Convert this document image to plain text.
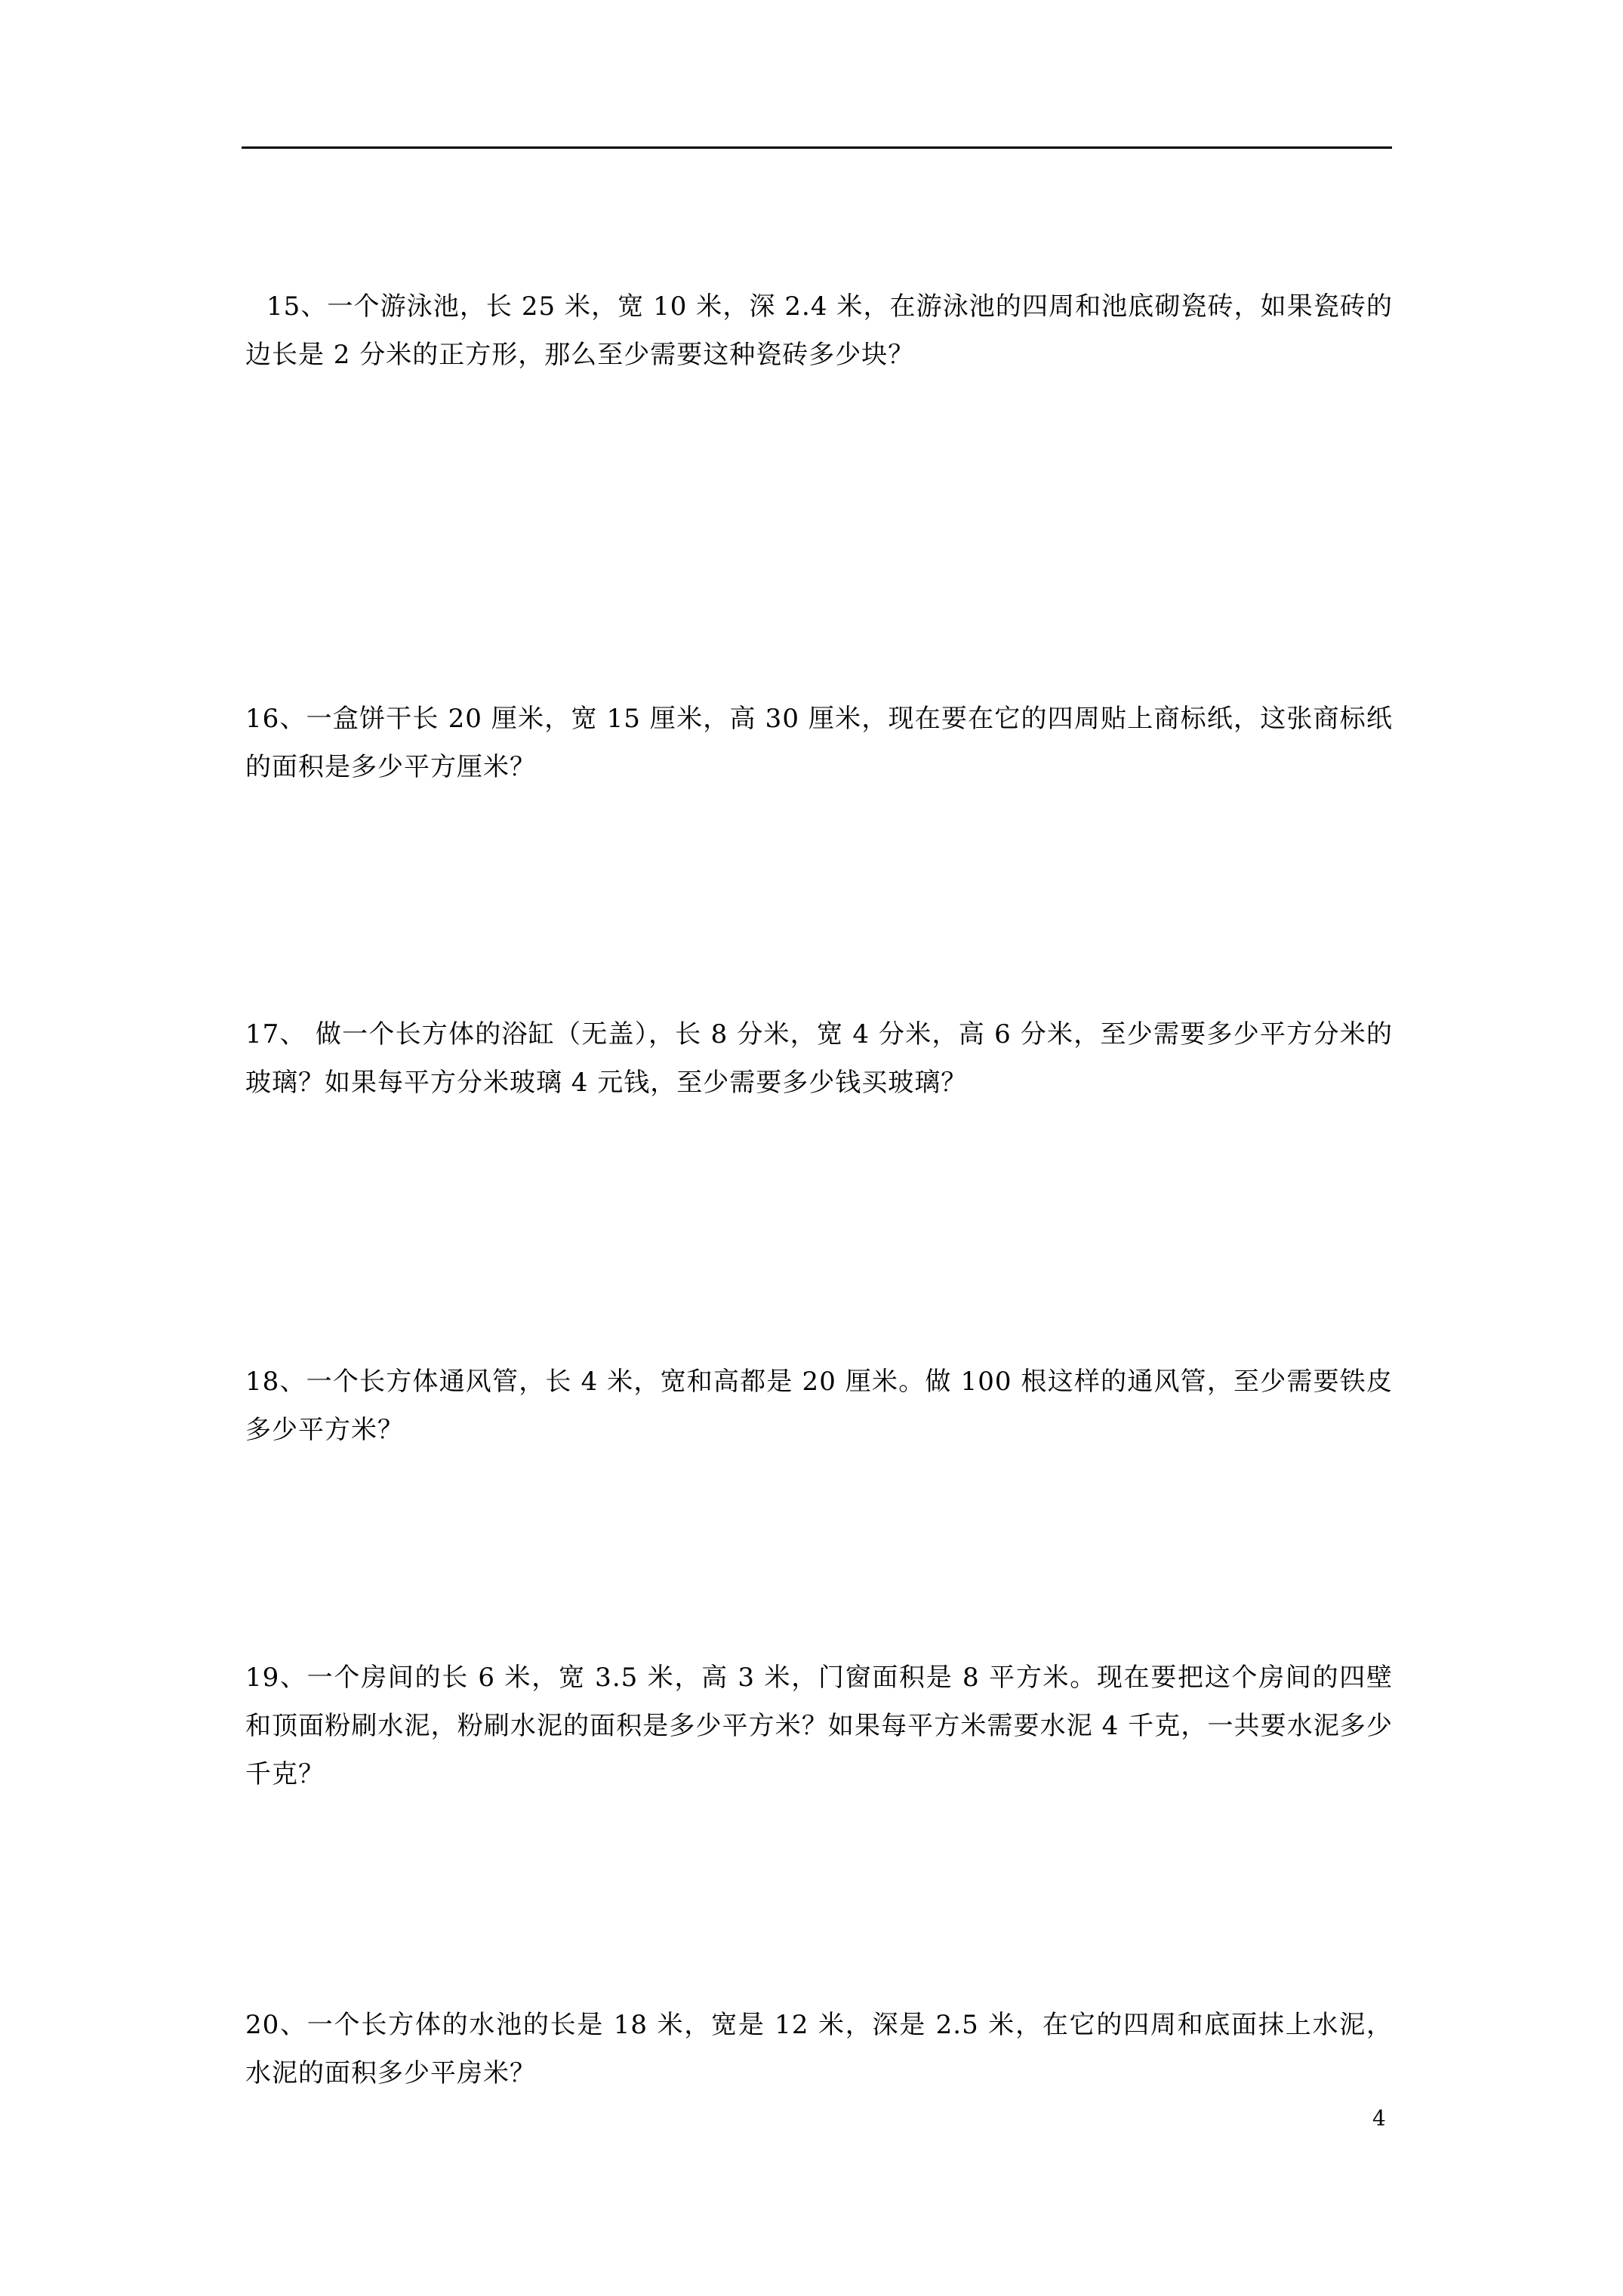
15、一个游泳池，长 25 米，宽 10 米，深 2.4 米，在游泳池的四周和池底砌瓷砖，如果瓷砖的边长是 2 分米的正方形，那么至少需要这种瓷砖多少块？

16、一盒饼干长 20 厘米，宽 15 厘米，高 30 厘米，现在要在它的四周贴上商标纸，这张商标纸的面积是多少平方厘米？

17、 做一个长方体的浴缸（无盖），长 8 分米，宽 4 分米，高 6 分米，至少需要多少平方分米的玻璃？如果每平方分米玻璃 4 元钱，至少需要多少钱买玻璃？

18、一个长方体通风管，长 4 米，宽和高都是 20 厘米。做 100 根这样的通风管，至少需要铁皮多少平方米？

19、一个房间的长 6 米，宽 3.5 米，高 3 米，门窗面积是 8 平方米。现在要把这个房间的四壁和顶面粉刷水泥，粉刷水泥的面积是多少平方米？如果每平方米需要水泥 4 千克，一共要水泥多少千克？

20、一个长方体的水池的长是 18 米，宽是 12 米，深是 2.5 米，在它的四周和底面抹上水泥，水泥的面积多少平房米？

4
